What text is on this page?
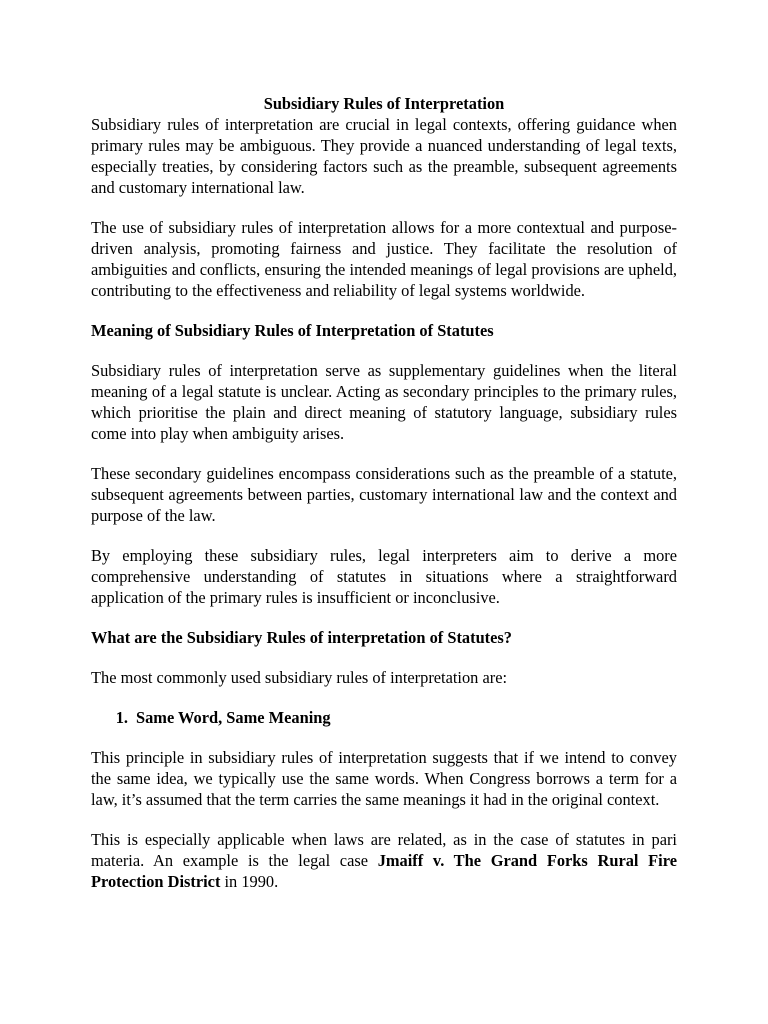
Subsidiary Rules of Interpretation

Subsidiary rules of interpretation are crucial in legal contexts, offering guidance when primary rules may be ambiguous. They provide a nuanced understanding of legal texts, especially treaties, by considering factors such as the preamble, subsequent agreements and customary international law.

The use of subsidiary rules of interpretation allows for a more contextual and purpose-driven analysis, promoting fairness and justice. They facilitate the resolution of ambiguities and conflicts, ensuring the intended meanings of legal provisions are upheld, contributing to the effectiveness and reliability of legal systems worldwide.

Meaning of Subsidiary Rules of Interpretation of Statutes

Subsidiary rules of interpretation serve as supplementary guidelines when the literal meaning of a legal statute is unclear. Acting as secondary principles to the primary rules, which prioritise the plain and direct meaning of statutory language, subsidiary rules come into play when ambiguity arises.

These secondary guidelines encompass considerations such as the preamble of a statute, subsequent agreements between parties, customary international law and the context and purpose of the law.

By employing these subsidiary rules, legal interpreters aim to derive a more comprehensive understanding of statutes in situations where a straightforward application of the primary rules is insufficient or inconclusive.

What are the Subsidiary Rules of interpretation of Statutes?

The most commonly used subsidiary rules of interpretation are:

1. Same Word, Same Meaning

This principle in subsidiary rules of interpretation suggests that if we intend to convey the same idea, we typically use the same words. When Congress borrows a term for a law, it’s assumed that the term carries the same meanings it had in the original context.

This is especially applicable when laws are related, as in the case of statutes in pari materia. An example is the legal case Jmaiff v. The Grand Forks Rural Fire Protection District in 1990.
